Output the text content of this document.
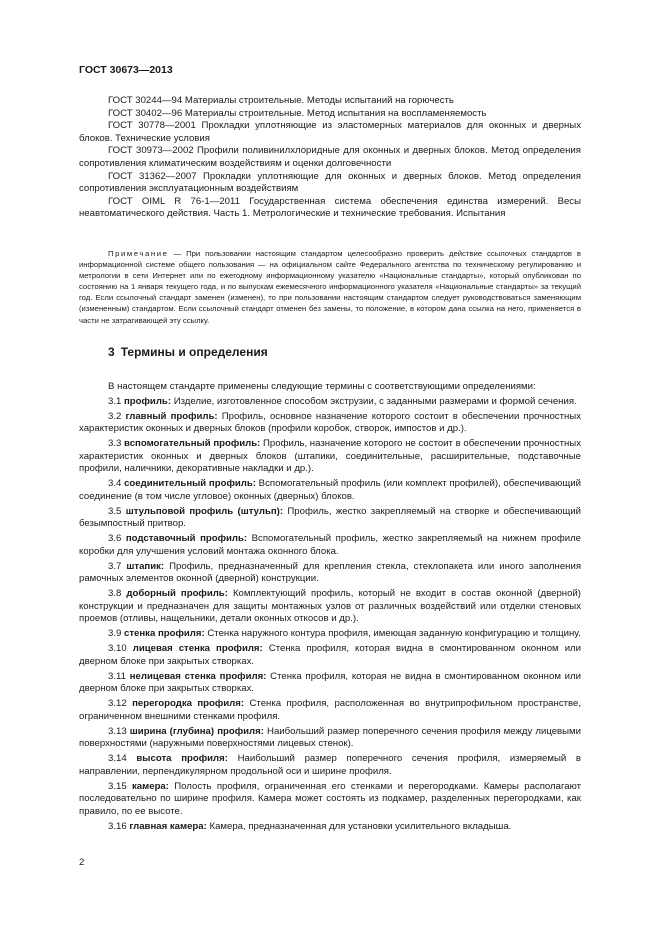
ГОСТ 30673—2013

ГОСТ 30244—94 Материалы строительные. Методы испытаний на горючесть

ГОСТ 30402—96 Материалы строительные. Метод испытания на воспламеняемость

ГОСТ 30778—2001 Прокладки уплотняющие из эластомерных материалов для оконных и дверных блоков. Технические условия

ГОСТ 30973—2002 Профили поливинилхлоридные для оконных и дверных блоков. Метод определения сопротивления климатическим воздействиям и оценки долговечности

ГОСТ 31362—2007 Прокладки уплотняющие для оконных и дверных блоков. Метод определения сопротивления эксплуатационным воздействиям

ГОСТ OIML R 76-1—2011 Государственная система обеспечения единства измерений. Весы неавтоматического действия. Часть 1. Метрологические и технические требования. Испытания

Примечание — При пользовании настоящим стандартом целесообразно проверить действие ссылочных стандартов в информационной системе общего пользования — на официальном сайте Федерального агентства по техническому регулированию и метрологии в сети Интернет или по ежегодному информационному указателю «Национальные стандарты», который опубликован по состоянию на 1 января текущего года, и по выпускам ежемесячного информационного указателя «Национальные стандарты» за текущий год. Если ссылочный стандарт заменен (изменен), то при пользовании настоящим стандартом следует руководствоваться заменяющим (измененным) стандартом. Если ссылочный стандарт отменен без замены, то положение, в котором дана ссылка на него, применяется в части не затрагивающей эту ссылку.

3 Термины и определения

В настоящем стандарте применены следующие термины с соответствующими определениями:

3.1 профиль: Изделие, изготовленное способом экструзии, с заданными размерами и формой сечения.

3.2 главный профиль: Профиль, основное назначение которого состоит в обеспечении прочностных характеристик оконных и дверных блоков (профили коробок, створок, импостов и др.).

3.3 вспомогательный профиль: Профиль, назначение которого не состоит в обеспечении прочностных характеристик оконных и дверных блоков (штапики, соединительные, расширительные, подставочные профили, наличники, декоративные накладки и др.).

3.4 соединительный профиль: Вспомогательный профиль (или комплект профилей), обеспечивающий соединение (в том числе угловое) оконных (дверных) блоков.

3.5 штульповой профиль (штульп): Профиль, жестко закрепляемый на створке и обеспечивающий безымпостный притвор.

3.6 подставочный профиль: Вспомогательный профиль, жестко закрепляемый на нижнем профиле коробки для улучшения условий монтажа оконного блока.

3.7 штапик: Профиль, предназначенный для крепления стекла, стеклопакета или иного заполнения рамочных элементов оконной (дверной) конструкции.

3.8 доборный профиль: Комплектующий профиль, который не входит в состав оконной (дверной) конструкции и предназначен для защиты монтажных узлов от различных воздействий или отделки стеновых проемов (отливы, нащельники, детали оконных откосов и др.).

3.9 стенка профиля: Стенка наружного контура профиля, имеющая заданную конфигурацию и толщину.

3.10 лицевая стенка профиля: Стенка профиля, которая видна в смонтированном оконном или дверном блоке при закрытых створках.

3.11 нелицевая стенка профиля: Стенка профиля, которая не видна в смонтированном оконном или дверном блоке при закрытых створках.

3.12 перегородка профиля: Стенка профиля, расположенная во внутрипрофильном пространстве, ограниченном внешними стенками профиля.

3.13 ширина (глубина) профиля: Наибольший размер поперечного сечения профиля между лицевыми поверхностями (наружными поверхностями лицевых стенок).

3.14 высота профиля: Наибольший размер поперечного сечения профиля, измеряемый в направлении, перпендикулярном продольной оси и ширине профиля.

3.15 камера: Полость профиля, ограниченная его стенками и перегородками. Камеры располагают последовательно по ширине профиля. Камера может состоять из подкамер, разделенных перегородками, как правило, по ее высоте.

3.16 главная камера: Камера, предназначенная для установки усилительного вкладыша.

2
